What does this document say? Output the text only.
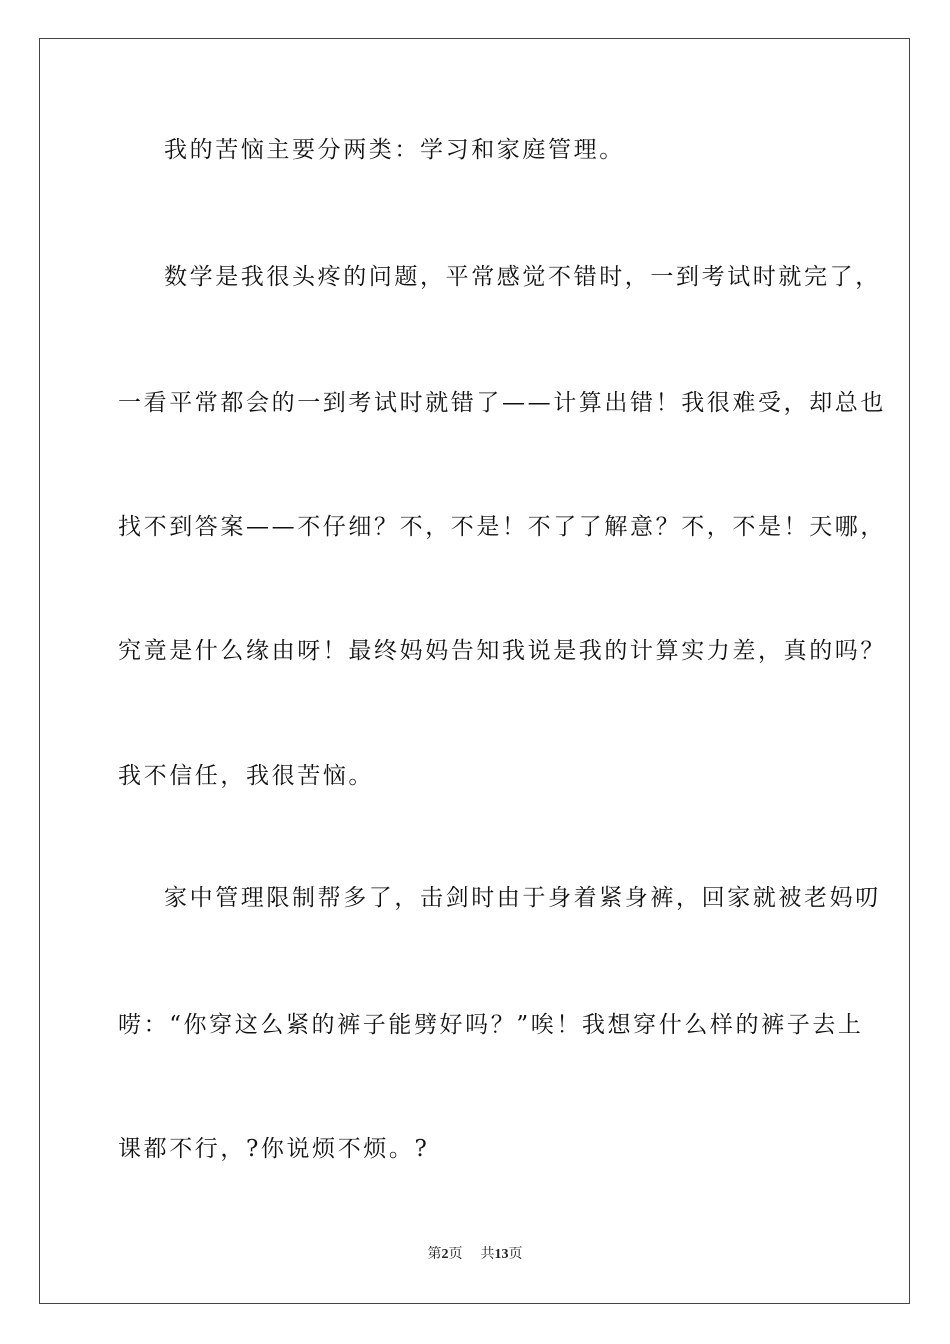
我的苦恼主要分两类：学习和家庭管理。
数学是我很头疼的问题，平常感觉不错时，一到考试时就完了，
一看平常都会的一到考试时就错了——计算出错！我很难受，却总也
找不到答案——不仔细？不，不是！不了了解意？不，不是！天哪，
究竟是什么缘由呀！最终妈妈告知我说是我的计算实力差，真的吗？
我不信任，我很苦恼。
家中管理限制帮多了，击剑时由于身着紧身裤，回家就被老妈叨
唠：“你穿这么紧的裤子能劈好吗？”唉！我想穿什么样的裤子去上
课都不行，?你说烦不烦。?
第2页 共13页
